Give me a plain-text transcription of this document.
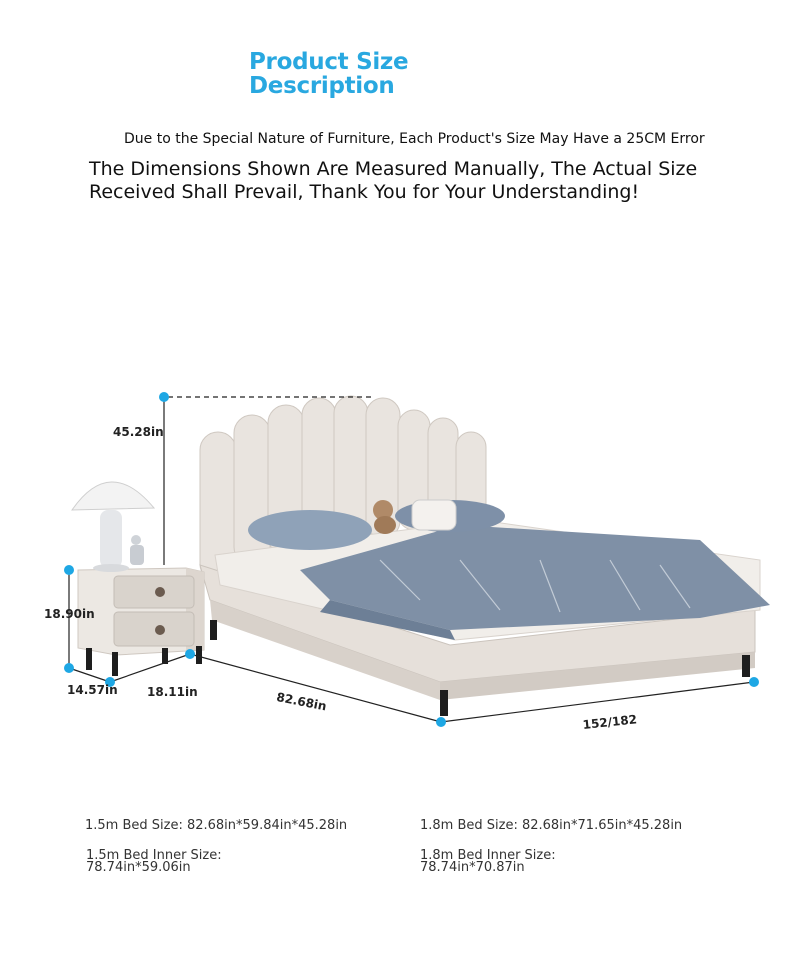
Product Size
Description
Due to the Special Nature of Furniture, Each Product's Size May Have a 25CM Error
The Dimensions Shown Are Measured Manually, The Actual Size Received Shall Prevail, Thank You for Your Understanding!
45.28in
18.90in
14.57in 18.11in	82.68in
152/182
1.5m Bed Size: 82.68in*59.84in*45.28in	1.8m Bed Size: 82.68in*71.65in*45.28in
1.5m Bed Inner Size:
78.74in*59.06in
1.8m Bed Inner Size:
78.74in*70.87in
